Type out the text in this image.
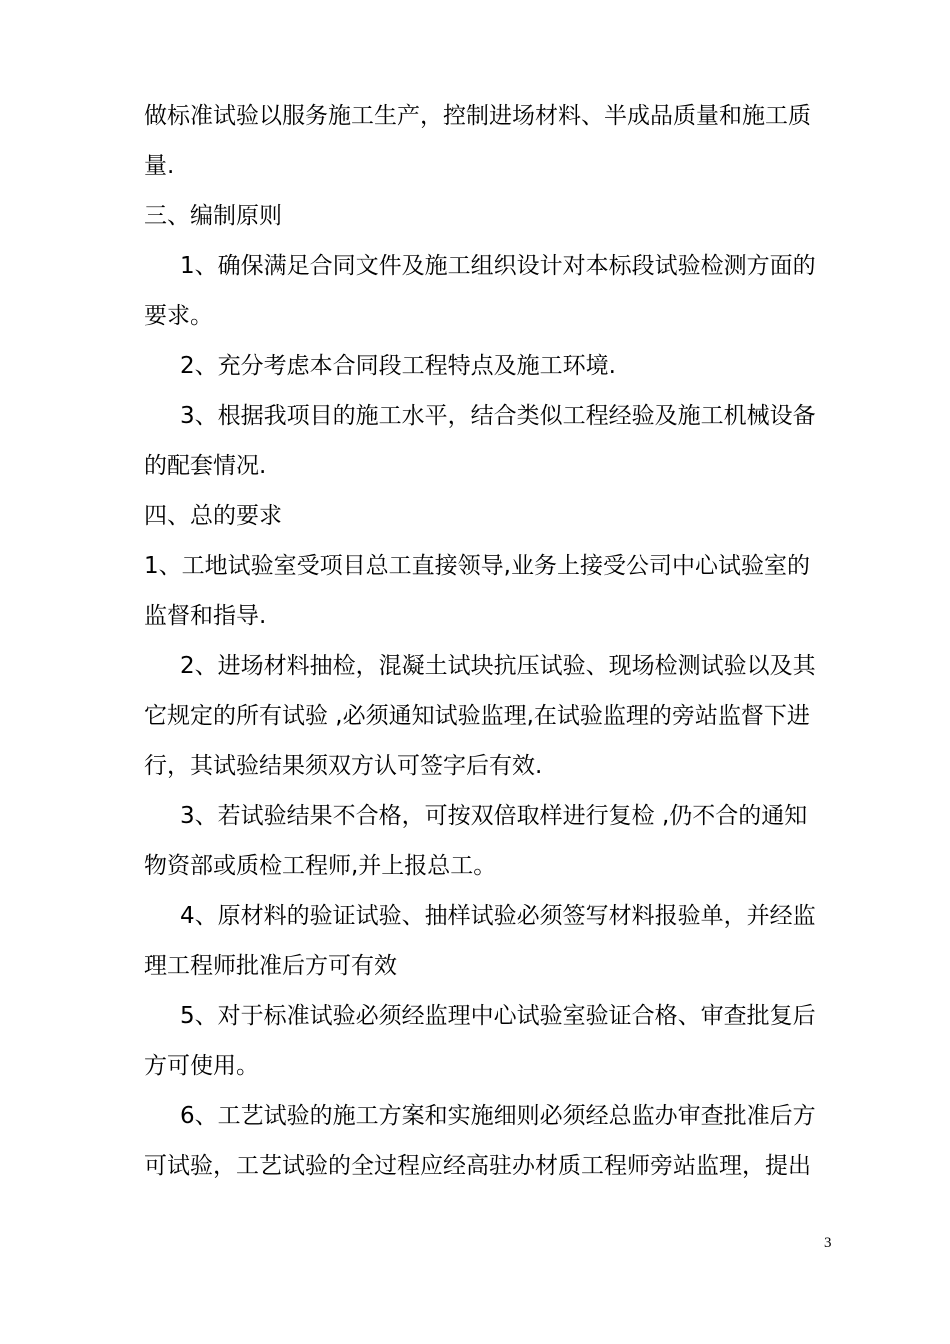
做标准试验以服务施工生产，控制进场材料、半成品质量和施工质
量.
三、编制原则
1、确保满足合同文件及施工组织设计对本标段试验检测方面的
要求。
2、充分考虑本合同段工程特点及施工环境.
3、根据我项目的施工水平，结合类似工程经验及施工机械设备
的配套情况.
四、总的要求
1、工地试验室受项目总工直接领导,业务上接受公司中心试验室的
监督和指导.
2、进场材料抽检，混凝土试块抗压试验、现场检测试验以及其
它规定的所有试验 ,必须通知试验监理,在试验监理的旁站监督下进
行，其试验结果须双方认可签字后有效.
3、若试验结果不合格，可按双倍取样进行复检 ,仍不合的通知
物资部或质检工程师,并上报总工。
4、原材料的验证试验、抽样试验必须签写材料报验单，并经监
理工程师批准后方可有效
5、对于标准试验必须经监理中心试验室验证合格、审查批复后
方可使用。
6、工艺试验的施工方案和实施细则必须经总监办审查批准后方
可试验，工艺试验的全过程应经高驻办材质工程师旁站监理，提出
3
